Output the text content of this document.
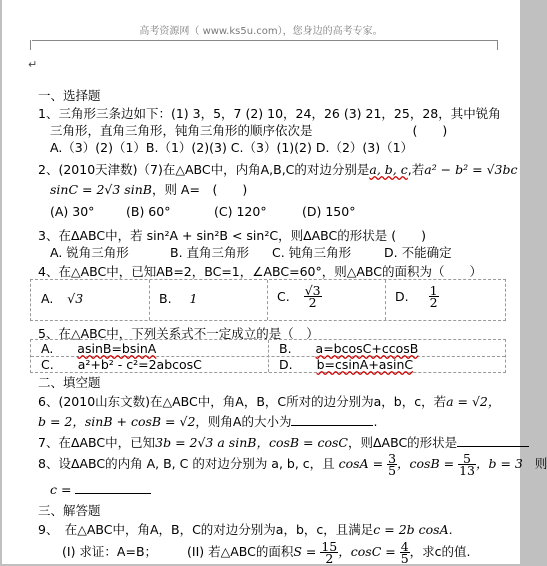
高考资源网（ www.ks5u.com），您身边的高考专家。
↵
一、选择题
1、三角形三条边如下：(1) 3，5，7 (2) 10，24，26 (3) 21，25，28，其中锐角
三角形，直角三角形，钝角三角形的顺序依次是	(　　)
A.（3）(2)（1）B.（1）(2)(3) C.（3）(1)(2) D.（2）(3)（1）
2、(2010天津数)（7)在△ABC中，内角A,B,C的对边分别是a, b, c,若a² − b² = √3bc
sinC = 2√3 sinB，则 A=　(　　)
(A) 30°	(B) 60°	(C) 120°	(D) 150°
3、在ΔABC中，若 sin²A + sin²B < sin²C，则ΔABC的形状是 (　　)
A. 锐角三角形	B. 直角三角形 C. 钝角三角形	D. 不能确定
4、在△ABC中，已知AB=2，BC=1，∠ABC=60°，则△ABC的面积为（　　）
A. √3	B. 1	C. $\frac{√3}{2}$	D. $\frac{1}{2}$
5、在△ABC中，下列关系式不一定成立的是（　）
A. asinB=bsinA	B. a=bcosC+ccosB
C. a²+b² - c²=2abcosC	D. b=csinA+asinC
二、填空题
6、(2010山东文数)在△ABC中，角A，B，C所对的边分别为a，b，c，若a = √2，
b = 2，sinB + cosB = √2，则角A的大小为	.
7、在ΔABC中，已知3b = 2√3 a sinB，cosB = cosC，则ΔABC的形状是
8、设ΔABC的内角 A, B, C 的对边分别为 a, b, c，且 $\cos A = \frac{3}{5}$ ，$\cos B = \frac{5}{13}$ ，b = 3 则
c =
三、解答题
9、　在△ABC中，角A，B，C的对边分别为a，b，c，且满足c = 2b cosA.
(I) 求证：A=B； (II) 若△ABC的面积$S = \frac{15}{2}$ ，$\cos C = \frac{4}{5}$ ，求c的值.
